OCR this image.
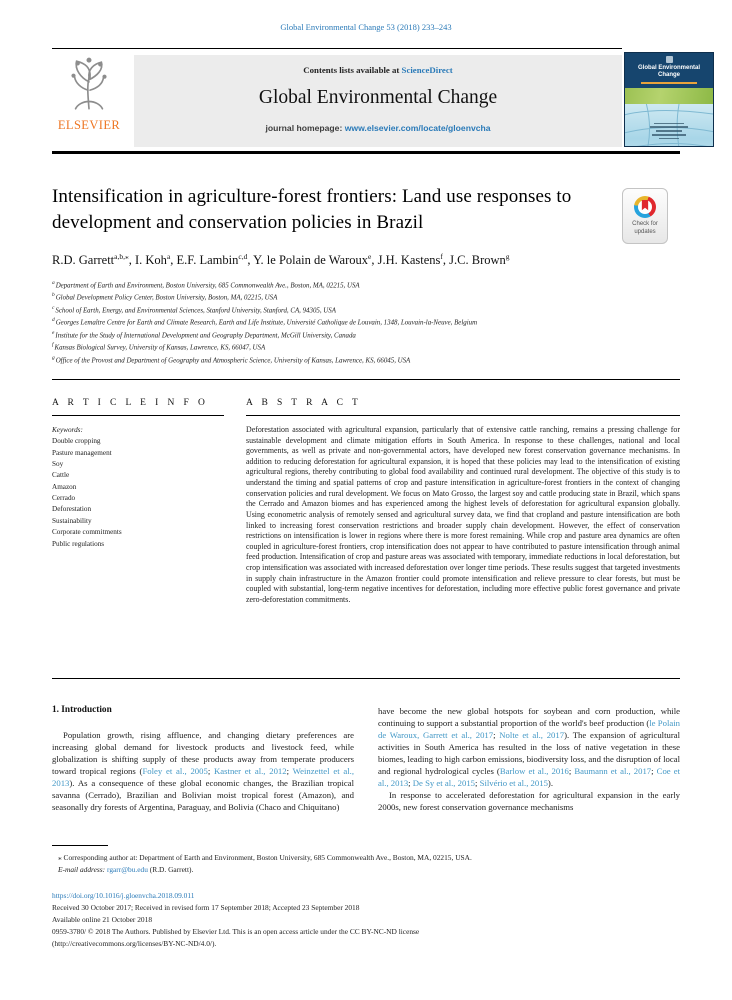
Global Environmental Change 53 (2018) 233–243
ELSEVIER
Contents lists available at ScienceDirect
Global Environmental Change
journal homepage: www.elsevier.com/locate/gloenvcha
Global Environmental Change
Intensification in agriculture-forest frontiers: Land use responses to development and conservation policies in Brazil	Check for updates
R.D. Garrett$^{a,b,⁎}$ , I. Koh$^a$ , E.F. Lambin$^{c,d}$ , Y. le Polain de Waroux$^e$ , J.H. Kastens$^f$ , J.C. Brown$^g$
$^a$Department of Earth and Environment, Boston University, 685 Commonwealth Ave., Boston, MA, 02215, USA
$^b$Global Development Policy Center, Boston University, Boston, MA, 02215, USA
$^c$School of Earth, Energy, and Environmental Sciences, Stanford University, Stanford, CA, 94305, USA
$^d$Georges Lemaître Centre for Earth and Climate Research, Earth and Life Institute, Université Catholique de Louvain, 1348, Louvain-la-Neuve, Belgium
$^e$Institute for the Study of International Development and Geography Department, McGill University, Canada
$^f$Kansas Biological Survey, University of Kansas, Lawrence, KS, 66047, USA
$^g$Office of the Provost and Department of Geography and Atmospheric Science, University of Kansas, Lawrence, KS, 66045, USA
A R T I C L E I N F O
Keywords:
Double cropping
Pasture management
Soy
Cattle
Amazon
Cerrado
Deforestation
Sustainability
Corporate commitments
Public regulations
A B S T R A C T

Deforestation associated with agricultural expansion, particularly that of extensive cattle ranching, remains a pressing challenge for sustainable development and climate mitigation efforts in South America. In response to these challenges, national and local governments, as well as private and non-governmental actors, have developed new forest conservation governance mechanisms. In addition to reducing deforestation for agricultural expansion, it is hoped that these policies may lead to the intensification of existing agricultural regions, thereby contributing to global food availability and continued rural development. The objective of this study is to understand the timing and spatial patterns of crop and pasture intensification in agriculture-forest frontiers in the context of changing conservation policies and rural development. We focus on Mato Grosso, the largest soy and cattle producing state in Brazil, which spans the Cerrado and Amazon biomes and has experienced among the highest levels of deforestation for agricultural expansion globally. Using econometric analysis of remotely sensed and agricultural survey data, we find that cropland and pasture intensification are both linked to increasing forest conservation restrictions and broader supply chain development. However, the effect of conservation restrictions on intensification is lower in regions where there is more forest remaining. While crop and pasture area dynamics are often coupled in agriculture-forest frontiers, crop intensification does not appear to have contributed to pasture intensification through animal feed production. Intensification of crop and pasture areas was associated with temporary, immediate reductions in local deforestation, but crop intensification was associated with increased deforestation over longer time periods. These results suggest that targeted investments in supply chain infrastructure in the Amazon frontier could promote intensification and relieve pressure to clear forests, but must be coupled with substantial, long-term negative incentives for deforestation, including more effective public forest governance and private zero-deforestation commitments.

1. Introduction

Population growth, rising affluence, and changing dietary preferences are increasing global demand for livestock products and livestock feed, while globalization is shifting supply of these products away from temperate producers toward tropical regions (Foley et al., 2005; Kastner et al., 2012; Weinzettel et al., 2013). As a consequence of these global economic changes, the Brazilian tropical savanna (Cerrado), Brazilian and Bolivian moist tropical forest (Amazon), and seasonally dry forests of Argentina, Paraguay, and Bolivia (Chaco and Chiquitano)

have become the new global hotspots for soybean and corn production, while continuing to support a substantial proportion of the world's beef production (le Polain de Waroux, Garrett et al., 2017; Nolte et al., 2017). The expansion of agricultural activities in South America has resulted in the loss of native vegetation in these biomes, leading to high carbon emissions, biodiversity loss, and the disruption of local and regional hydrological cycles (Barlow et al., 2016; Baumann et al., 2017; Coe et al., 2013; De Sy et al., 2015; Silvério et al., 2015).

In response to accelerated deforestation for agricultural expansion in the early 2000s, new forest conservation governance mechanisms

⁎ Corresponding author at: Department of Earth and Environment, Boston University, 685 Commonwealth Ave., Boston, MA, 02215, USA.

E-mail address: rgarr@bu.edu (R.D. Garrett).

https://doi.org/10.1016/j.gloenvcha.2018.09.011
Received 30 October 2017; Received in revised form 17 September 2018; Accepted 23 September 2018
Available online 21 October 2018
0959-3780/ © 2018 The Authors. Published by Elsevier Ltd. This is an open access article under the CC BY-NC-ND license
(http://creativecommons.org/licenses/BY-NC-ND/4.0/).
